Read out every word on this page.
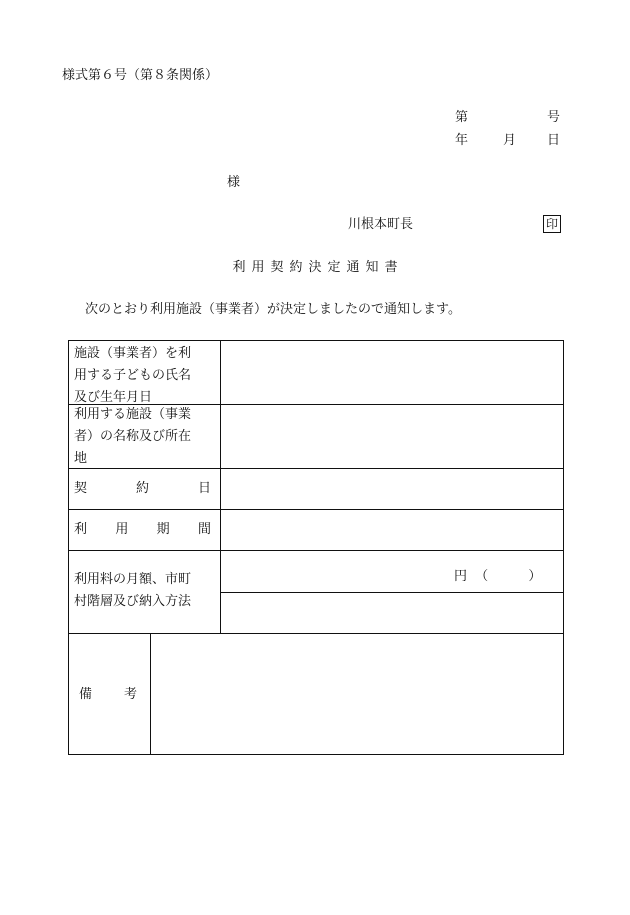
様式第６号（第８条関係）
第	号
年	月 日
様
川根本町長	印
利用契約決定通知書
次のとおり利用施設（事業者）が決定しましたので通知します。
施設（事業者）を利
用する子どもの氏名
及び生年月日
利用する施設（事業
者）の名称及び所在
地
契	約	日
利 用 期 間
利用料の月額、市町
村階層及び納入方法
円 （	）
備 考
